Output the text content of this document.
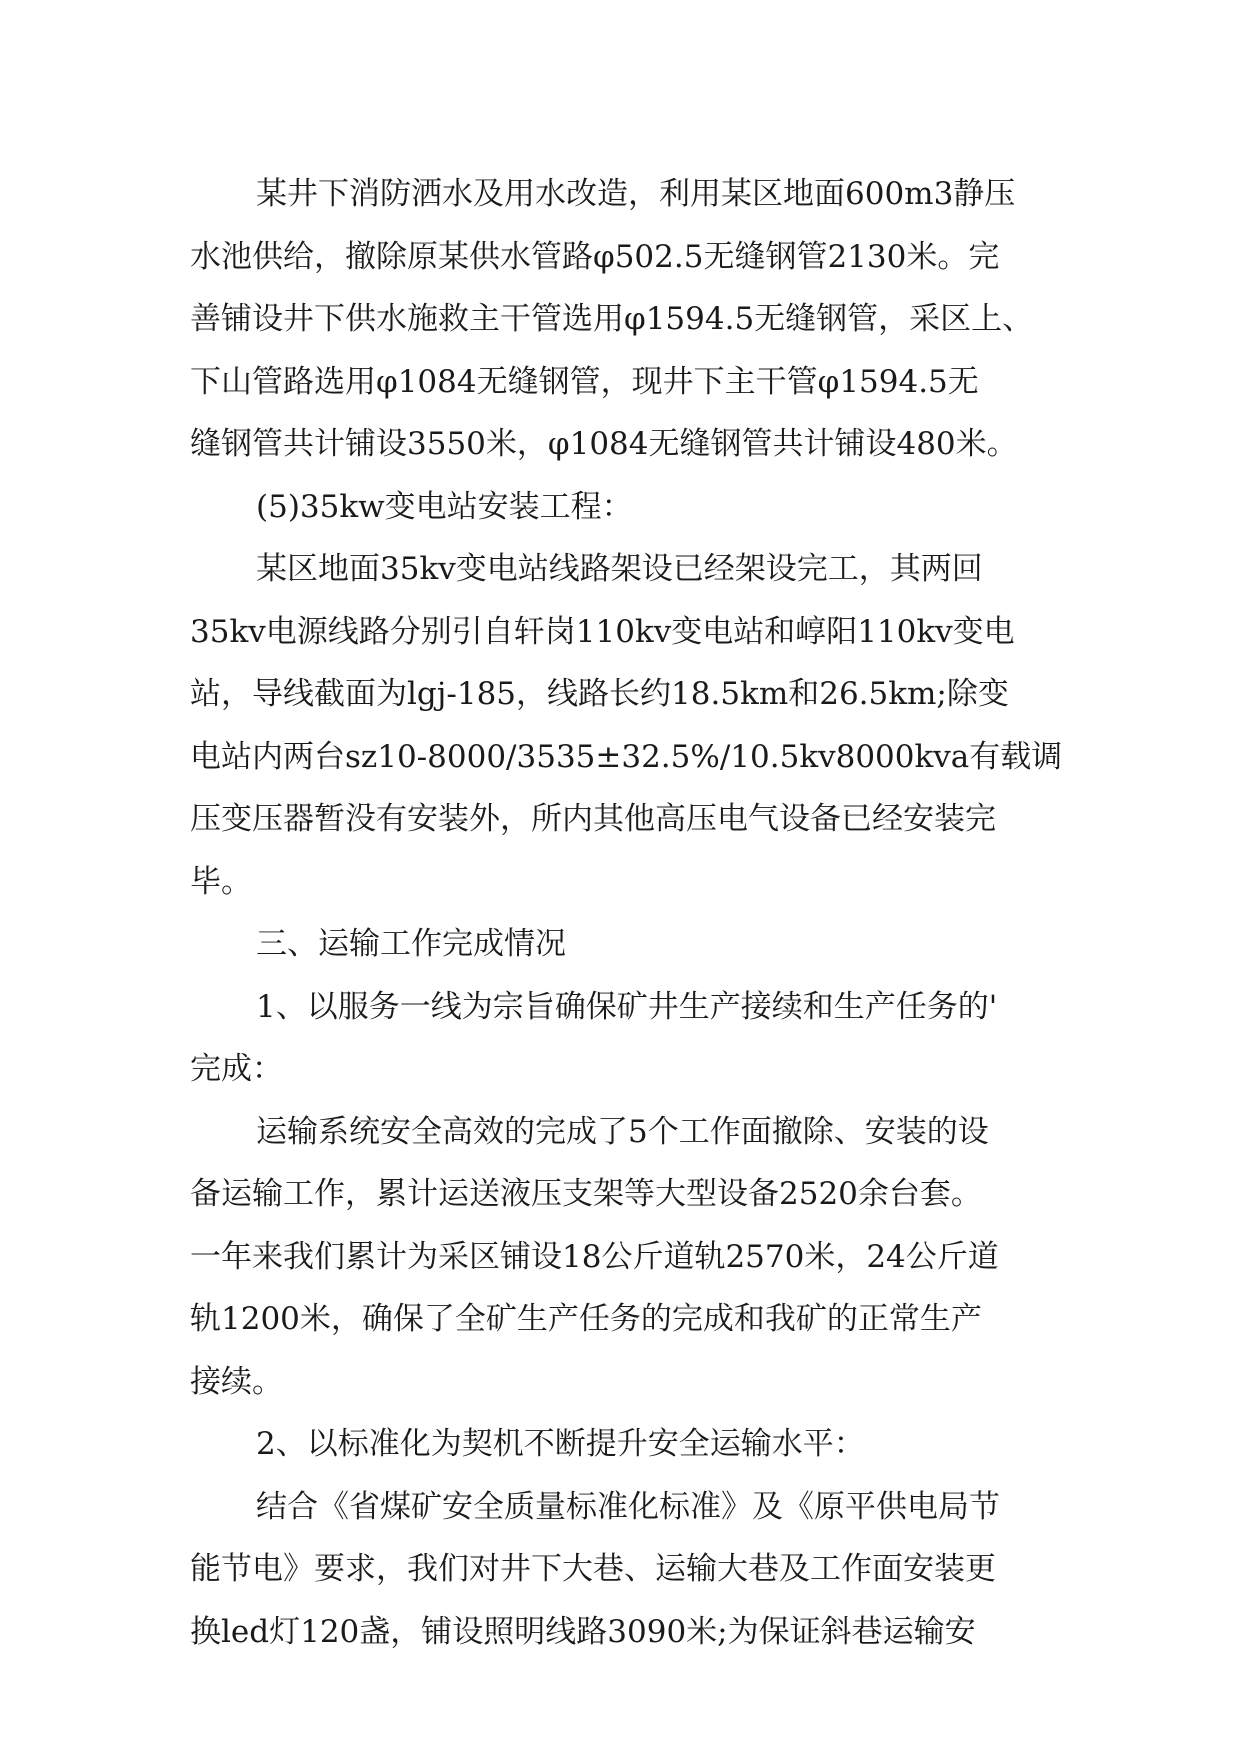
某井下消防洒水及用水改造，利用某区地面600m3静压
水池供给，撤除原某供水管路φ502.5无缝钢管2130米。完
善铺设井下供水施救主干管选用φ1594.5无缝钢管，采区上、
下山管路选用φ1084无缝钢管，现井下主干管φ1594.5无
缝钢管共计铺设3550米，φ1084无缝钢管共计铺设480米。
(5)35kw变电站安装工程：
某区地面35kv变电站线路架设已经架设完工，其两回
35kv电源线路分别引自轩岗110kv变电站和崞阳110kv变电
站，导线截面为lgj-185，线路长约18.5km和26.5km;除变
电站内两台sz10-8000/3535±32.5%/10.5kv8000kva有载调
压变压器暂没有安装外，所内其他高压电气设备已经安装完
毕。
三、运输工作完成情况
1、以服务一线为宗旨确保矿井生产接续和生产任务的'
完成：
运输系统安全高效的完成了5个工作面撤除、安装的设
备运输工作，累计运送液压支架等大型设备2520余台套。
一年来我们累计为采区铺设18公斤道轨2570米，24公斤道
轨1200米，确保了全矿生产任务的完成和我矿的正常生产
接续。
2、以标准化为契机不断提升安全运输水平：
结合《省煤矿安全质量标准化标准》及《原平供电局节
能节电》要求，我们对井下大巷、运输大巷及工作面安装更
换led灯120盏，铺设照明线路3090米;为保证斜巷运输安
